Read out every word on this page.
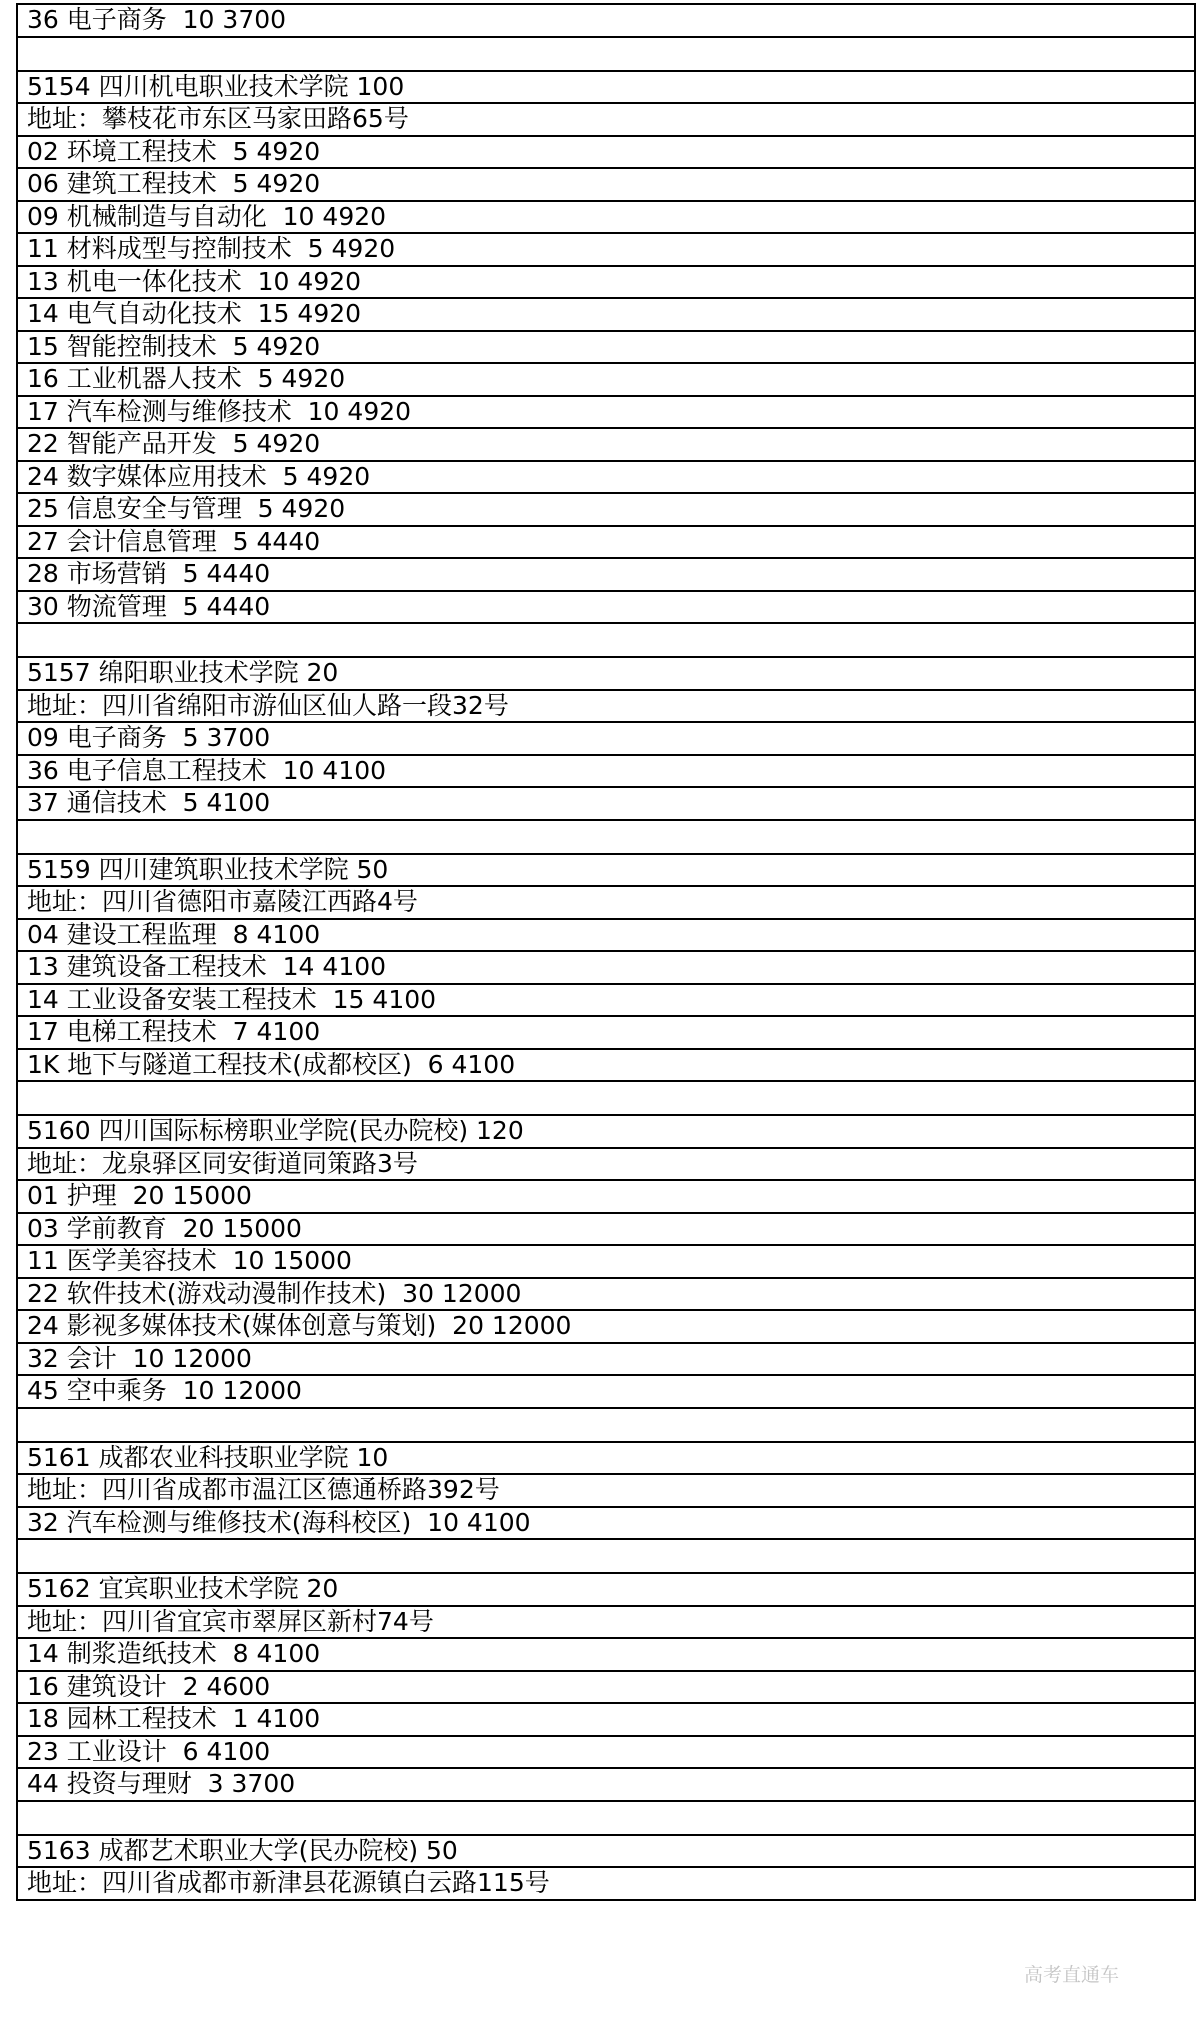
36 电子商务  10 3700

5154 四川机电职业技术学院 100
地址：攀枝花市东区马家田路65号
02 环境工程技术  5 4920
06 建筑工程技术  5 4920
09 机械制造与自动化  10 4920
11 材料成型与控制技术  5 4920
13 机电一体化技术  10 4920
14 电气自动化技术  15 4920
15 智能控制技术  5 4920
16 工业机器人技术  5 4920
17 汽车检测与维修技术  10 4920
22 智能产品开发  5 4920
24 数字媒体应用技术  5 4920
25 信息安全与管理  5 4920
27 会计信息管理  5 4440
28 市场营销  5 4440
30 物流管理  5 4440

5157 绵阳职业技术学院 20
地址：四川省绵阳市游仙区仙人路一段32号
09 电子商务  5 3700
36 电子信息工程技术  10 4100
37 通信技术  5 4100

5159 四川建筑职业技术学院 50
地址：四川省德阳市嘉陵江西路4号
04 建设工程监理  8 4100
13 建筑设备工程技术  14 4100
14 工业设备安装工程技术  15 4100
17 电梯工程技术  7 4100
1K 地下与隧道工程技术(成都校区)  6 4100

5160 四川国际标榜职业学院(民办院校) 120
地址：龙泉驿区同安街道同策路3号
01 护理  20 15000
03 学前教育  20 15000
11 医学美容技术  10 15000
22 软件技术(游戏动漫制作技术)  30 12000
24 影视多媒体技术(媒体创意与策划)  20 12000
32 会计  10 12000
45 空中乘务  10 12000

5161 成都农业科技职业学院 10
地址：四川省成都市温江区德通桥路392号
32 汽车检测与维修技术(海科校区)  10 4100

5162 宜宾职业技术学院 20
地址：四川省宜宾市翠屏区新村74号
14 制浆造纸技术  8 4100
16 建筑设计  2 4600
18 园林工程技术  1 4100
23 工业设计  6 4100
44 投资与理财  3 3700

5163 成都艺术职业大学(民办院校) 50
地址：四川省成都市新津县花源镇白云路115号
高考直通车
